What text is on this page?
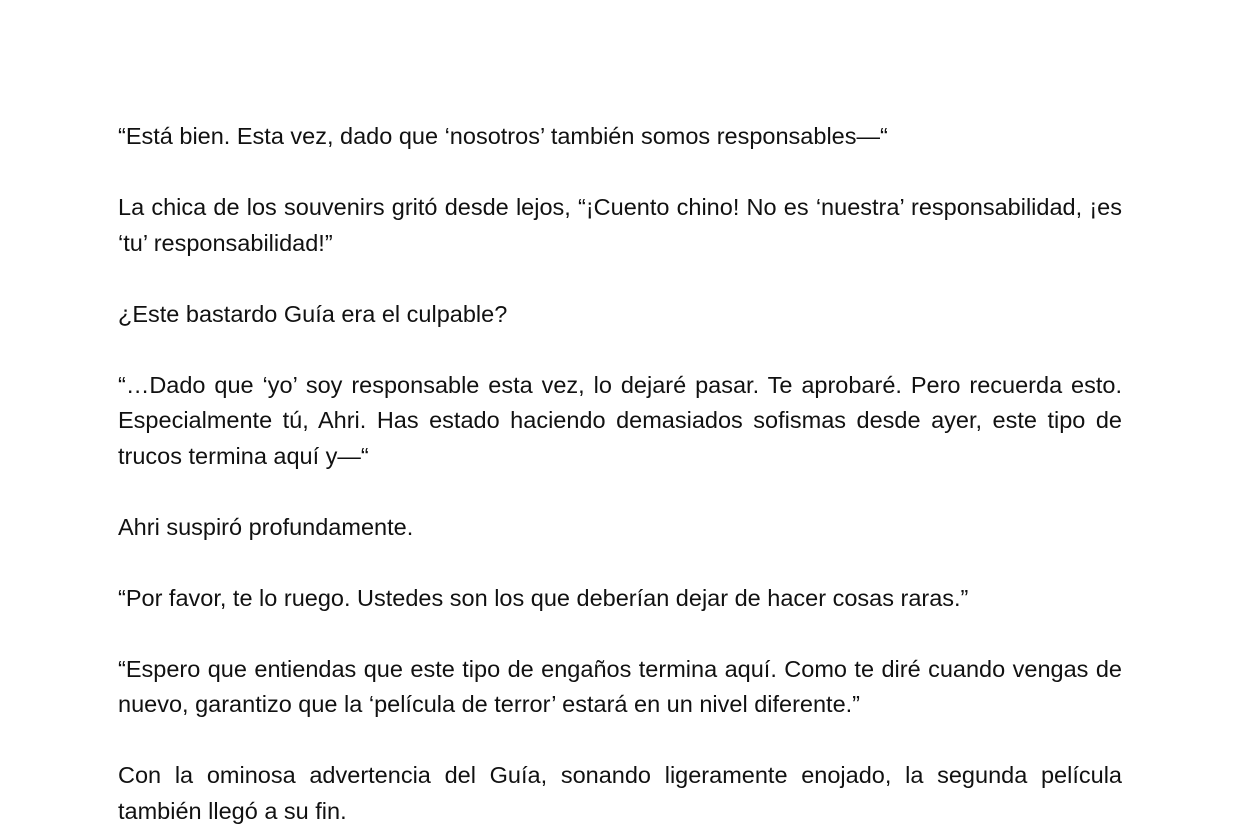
“Está bien. Esta vez, dado que ‘nosotros’ también somos responsables—“

La chica de los souvenirs gritó desde lejos, “¡Cuento chino! No es ‘nuestra’ responsabilidad, ¡es ‘tu’ responsabilidad!”

¿Este bastardo Guía era el culpable?

“…Dado que ‘yo’ soy responsable esta vez, lo dejaré pasar. Te aprobaré. Pero recuerda esto. Especialmente tú, Ahri. Has estado haciendo demasiados sofismas desde ayer, este tipo de trucos termina aquí y—“

Ahri suspiró profundamente.

“Por favor, te lo ruego. Ustedes son los que deberían dejar de hacer cosas raras.”

“Espero que entiendas que este tipo de engaños termina aquí. Como te diré cuando vengas de nuevo, garantizo que la ‘película de terror’ estará en un nivel diferente.”

Con la ominosa advertencia del Guía, sonando ligeramente enojado, la segunda película también llegó a su fin.
